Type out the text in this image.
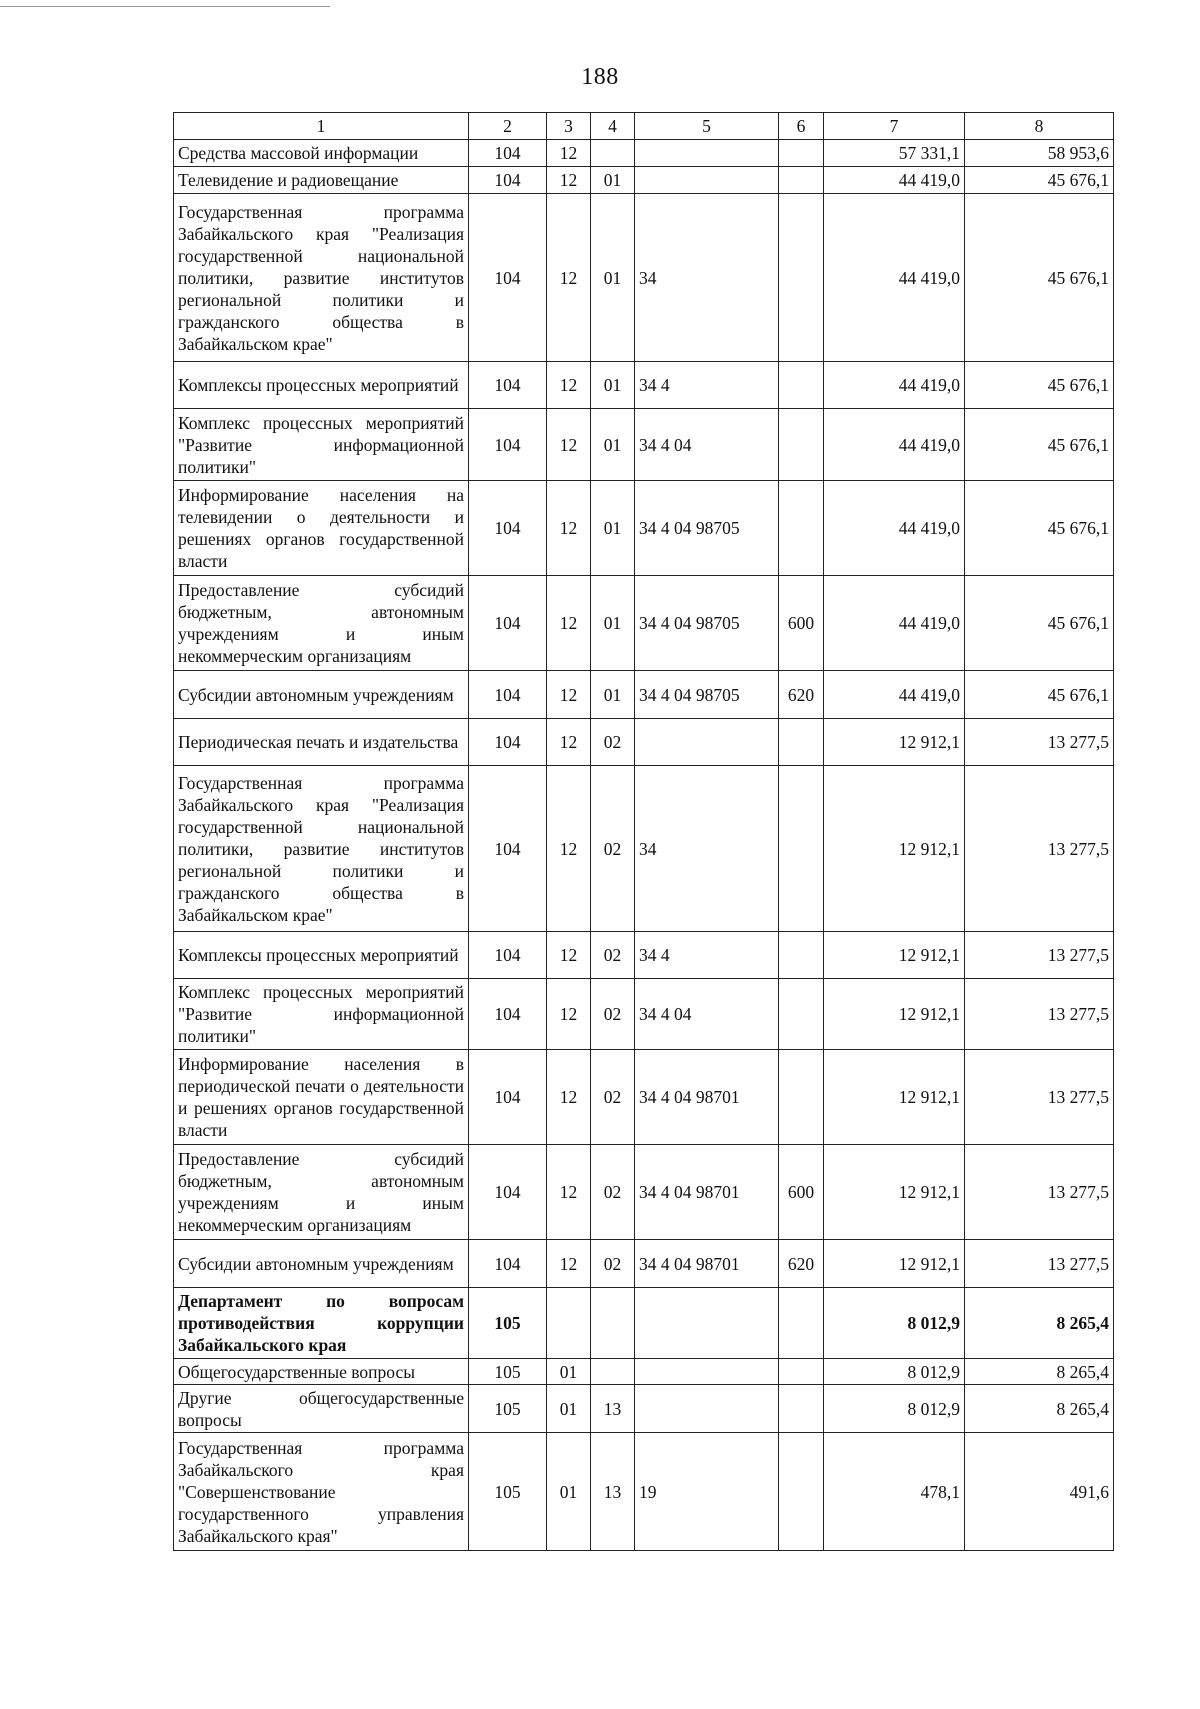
188
1	2	3	4	5	6	7	8
Средства массовой информации	104	12				57 331,1	58 953,6
Телевидение и радиовещание	104	12	01			44 419,0	45 676,1
Государственная программа Забайкальского края "Реализация государственной национальной политики, развитие институтов региональной политики и гражданского общества в Забайкальском крае"	104	12	01	34		44 419,0	45 676,1
Комплексы процессных мероприятий	104	12	01	34 4		44 419,0	45 676,1
Комплекс процессных мероприятий "Развитие информационной политики"	104	12	01	34 4 04		44 419,0	45 676,1
Информирование населения на телевидении о деятельности и решениях органов государственной власти	104	12	01	34 4 04 98705		44 419,0	45 676,1
Предоставление субсидий бюджетным, автономным учреждениям и иным некоммерческим организациям	104	12	01	34 4 04 98705	600	44 419,0	45 676,1
Субсидии автономным учреждениям	104	12	01	34 4 04 98705	620	44 419,0	45 676,1
Периодическая печать и издательства	104	12	02			12 912,1	13 277,5
Государственная программа Забайкальского края "Реализация государственной национальной политики, развитие институтов региональной политики и гражданского общества в Забайкальском крае"	104	12	02	34		12 912,1	13 277,5
Комплексы процессных мероприятий	104	12	02	34 4		12 912,1	13 277,5
Комплекс процессных мероприятий "Развитие информационной политики"	104	12	02	34 4 04		12 912,1	13 277,5
Информирование населения в периодической печати о деятельности и решениях органов государственной власти	104	12	02	34 4 04 98701		12 912,1	13 277,5
Предоставление субсидий бюджетным, автономным учреждениям и иным некоммерческим организациям	104	12	02	34 4 04 98701	600	12 912,1	13 277,5
Субсидии автономным учреждениям	104	12	02	34 4 04 98701	620	12 912,1	13 277,5
Департамент по вопросам противодействия коррупции Забайкальского края	105					8 012,9	8 265,4
Общегосударственные вопросы	105	01				8 012,9	8 265,4
Другие общегосударственные вопросы	105	01	13			8 012,9	8 265,4
Государственная программа Забайкальского края "Совершенствование государственного управления Забайкальского края"	105	01	13	19		478,1	491,6
